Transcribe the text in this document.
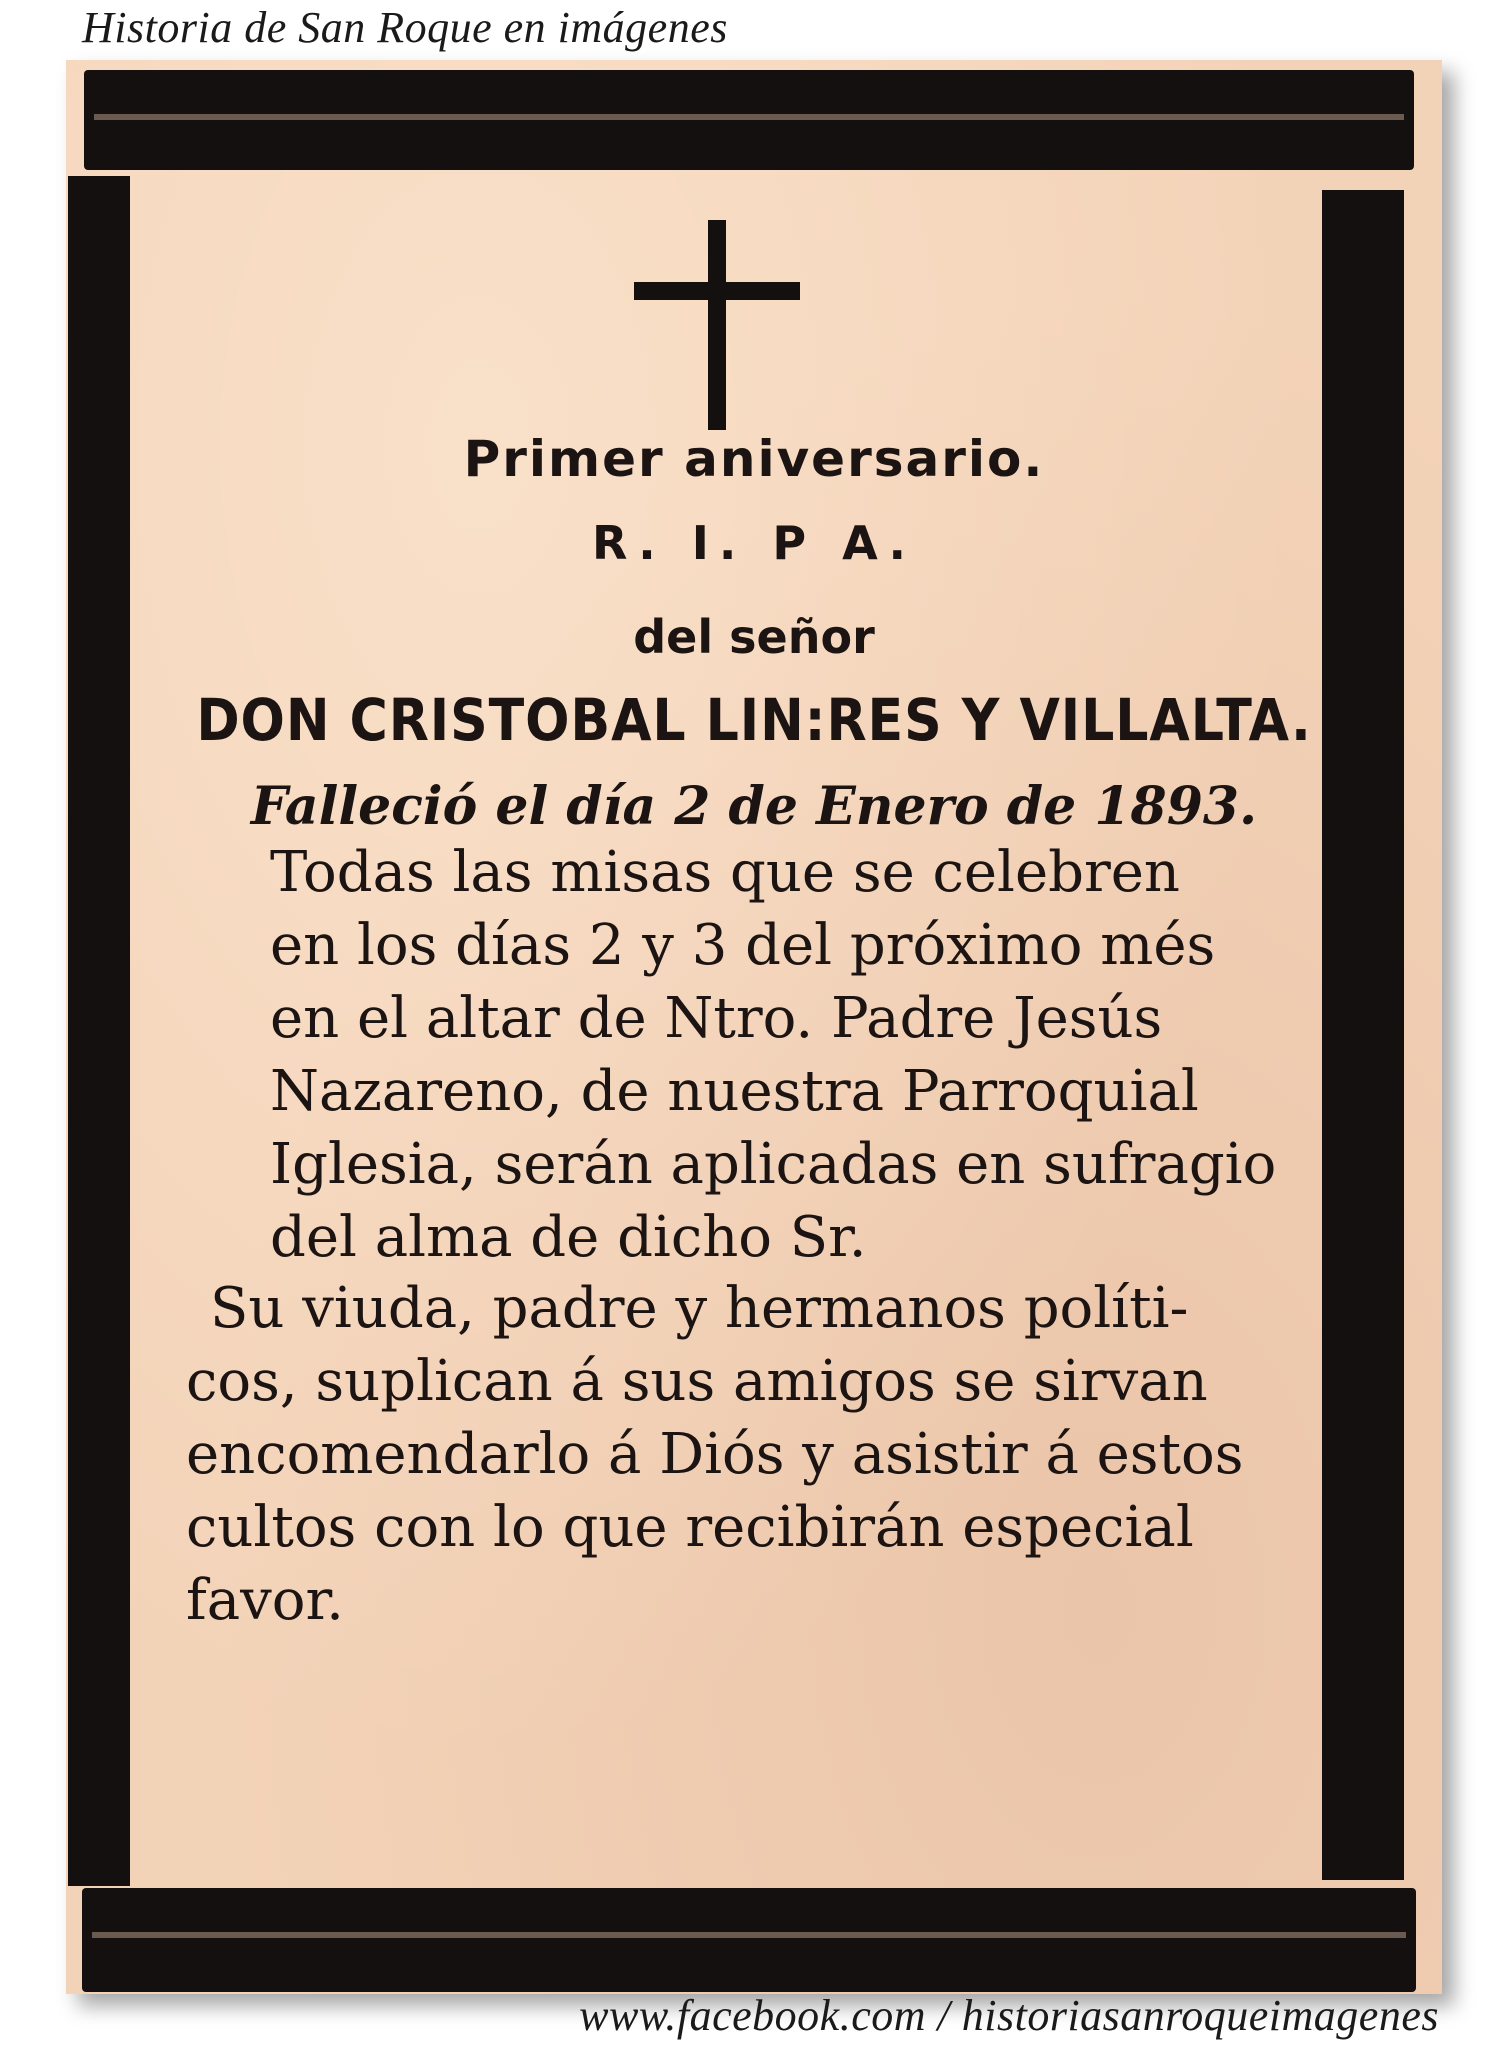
Historia de San Roque en imágenes
Primer aniversario.
R. I. P A.
del señor
DON CRISTOBAL LIN:RES Y VILLALTA.
Falleció el día 2 de Enero de 1893.
Todas las misas que se celebren
en los días 2 y 3 del próximo més
en el altar de Ntro. Padre Jesús
Nazareno, de nuestra Parroquial
Iglesia, serán aplicadas en sufragio
del alma de dicho Sr.
Su viuda, padre y hermanos políti-
cos, suplican á sus amigos se sirvan
encomendarlo á Diós y asistir á estos
cultos con lo que recibirán especial
favor.
www.facebook.com / historiasanroqueimagenes
